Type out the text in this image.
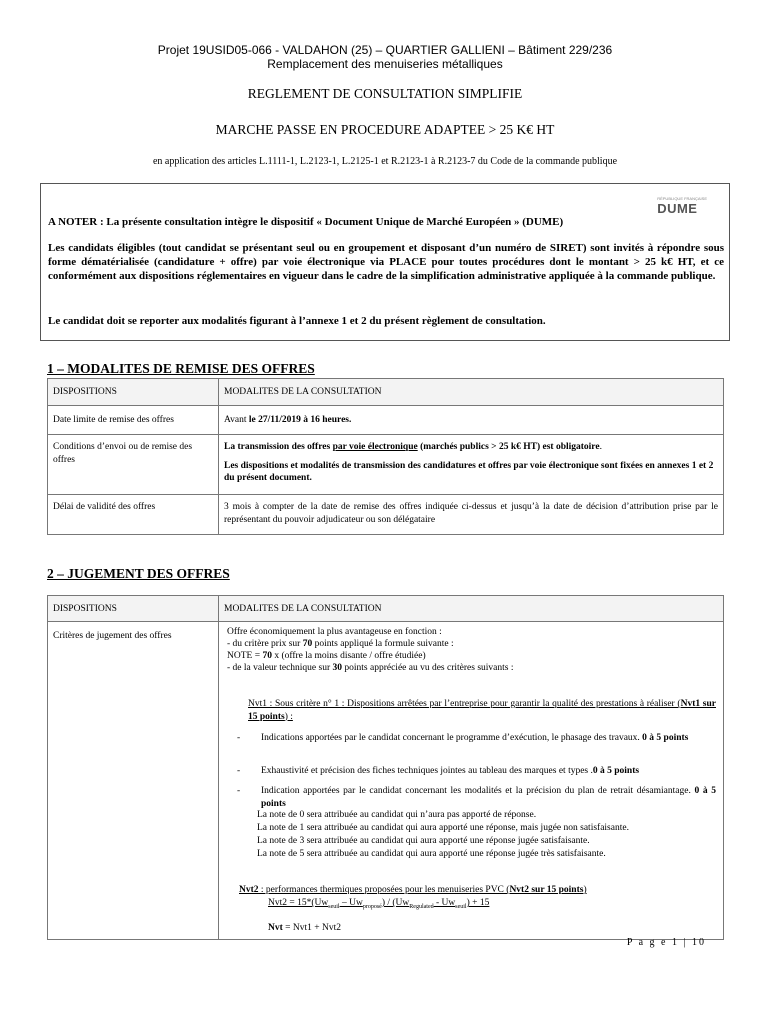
Projet 19USID05-066 - VALDAHON (25) – QUARTIER GALLIENI – Bâtiment 229/236
Remplacement des menuiseries métalliques
REGLEMENT DE CONSULTATION SIMPLIFIE
MARCHE PASSE EN PROCEDURE ADAPTEE > 25 K€ HT
en application des articles L.1111-1, L.2123-1, L.2125-1 et R.2123-1 à R.2123-7 du Code de la commande publique
RÉPUBLIQUE FRANÇAISE
DUME

A NOTER : La présente consultation intègre le dispositif « Document Unique de Marché Européen » (DUME)

Les candidats éligibles (tout candidat se présentant seul ou en groupement et disposant d’un numéro de SIRET) sont invités à répondre sous forme dématérialisée (candidature + offre) par voie électronique via PLACE pour toutes procédures dont le montant > 25 k€ HT, et ce conformément aux dispositions réglementaires en vigueur dans le cadre de la simplification administrative appliquée à la commande publique.

Le candidat doit se reporter aux modalités figurant à l’annexe 1 et 2 du présent règlement de consultation.

1 – MODALITES DE REMISE DES OFFRES
DISPOSITIONS	MODALITES DE LA CONSULTATION
Date limite de remise des offres	Avant le 27/11/2019 à 16 heures.
Conditions d’envoi ou de remise des offres	La transmission des offres par voie électronique (marchés publics > 25 k€ HT) est obligatoire.
Les dispositions et modalités de transmission des candidatures et offres par voie électronique sont fixées en annexes 1 et 2 du présent document.

Délai de validité des offres	3 mois à compter de la date de remise des offres indiquée ci-dessus et jusqu’à la date de décision d’attribution prise par le représentant du pouvoir adjudicateur ou son délégataire
2 – JUGEMENT DES OFFRES
DISPOSITIONS	MODALITES DE LA CONSULTATION
Critères de jugement des offres		Offre économiquement la plus avantageuse en fonction :
- du critère prix sur 70 points appliqué la formule suivante :
NOTE = 70 x (offre la moins disante / offre étudiée)
- de la valeur technique sur 30 points appréciée au vu des critères suivants :
Nvt1 : Sous critère n° 1 : Dispositions arrêtées par l’entreprise pour garantir la qualité des prestations à réaliser (Nvt1 sur 15 points) :
- Indications apportées par le candidat concernant le programme d’exécution, le phasage des travaux. 0 à 5 points
- Exhaustivité et précision des fiches techniques jointes au tableau des marques et types .0 à 5 points
- Indication apportées par le candidat concernant les modalités et la précision du plan de retrait désamiantage. 0 à 5 points
La note de 0 sera attribuée au candidat qui n’aura pas apporté de réponse.
La note de 1 sera attribuée au candidat qui aura apporté une réponse, mais jugée non satisfaisante.
La note de 3 sera attribuée au candidat qui aura apporté une réponse jugée satisfaisante.
La note de 5 sera attribuée au candidat qui aura apporté une réponse jugée très satisfaisante.
Nvt2 : performances thermiques proposées pour les menuiseries PVC (Nvt2 sur 15 points)
$Nvt2 = 15*(Uw_{seuil} - Uw_{proposé}) / (Uw_{Regulated} - Uw_{seuil}) + 15$
Nvt = Nvt1 + Nvt2
P a g e 1 | 10
